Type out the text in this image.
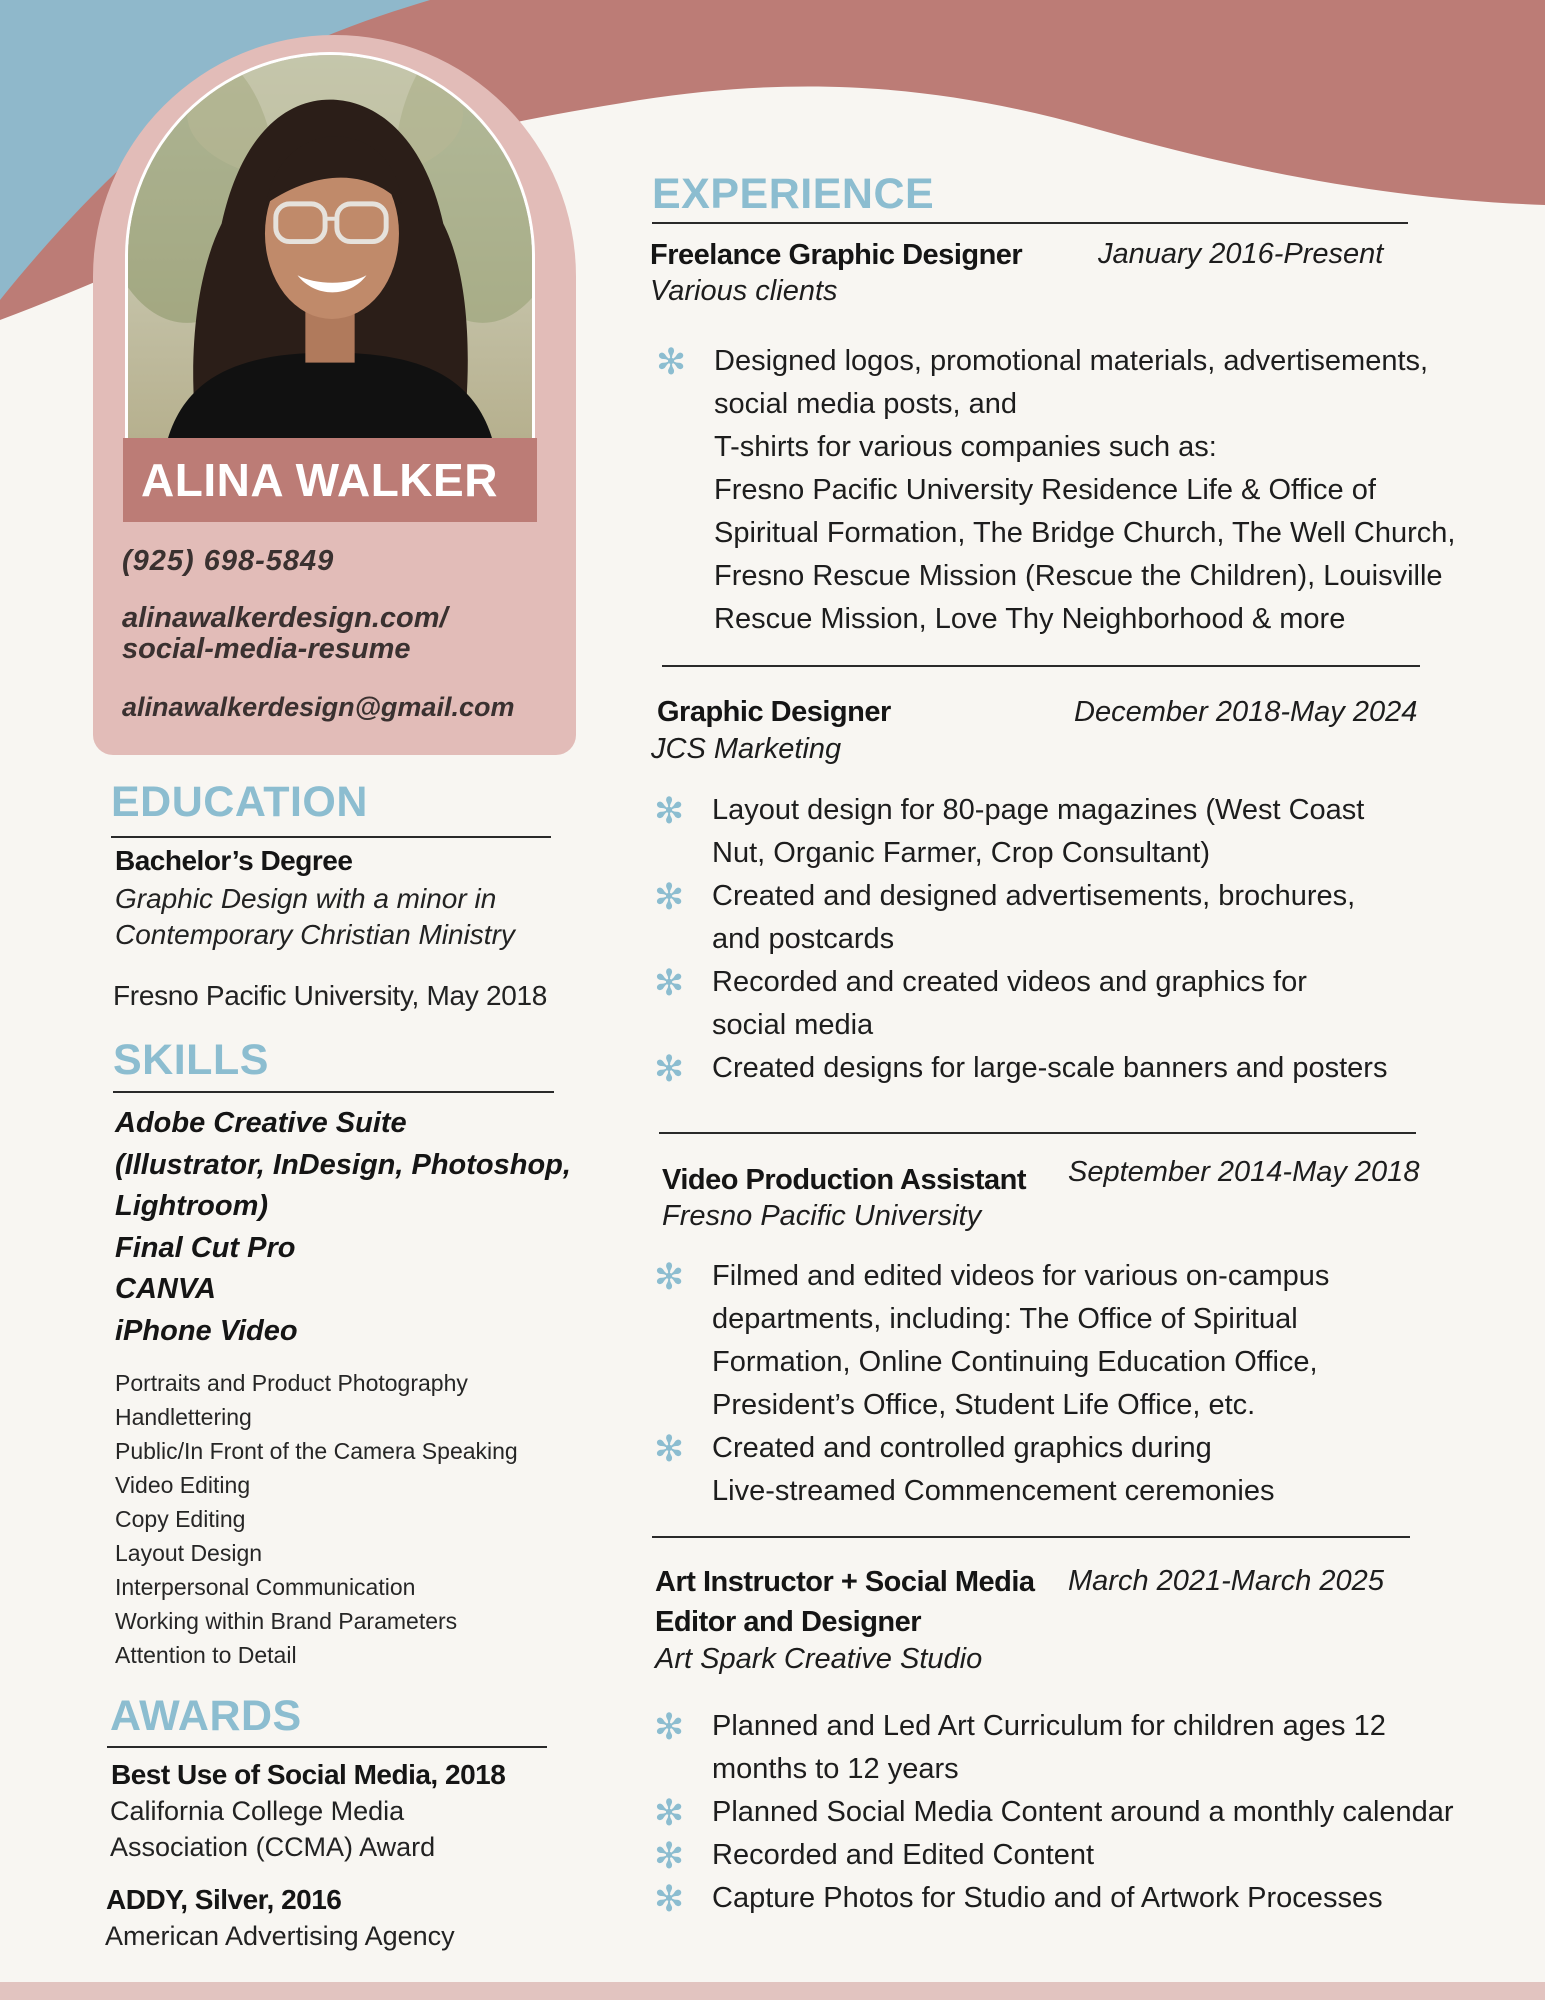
ALINA WALKER
(925) 698-5849
alinawalkerdesign.com/
social-media-resume
alinawalkerdesign@gmail.com
EDUCATION
Bachelor’s Degree
Graphic Design with a minor in
Contemporary Christian Ministry
Fresno Pacific University, May 2018
SKILLS
Adobe Creative Suite
(Illustrator, InDesign, Photoshop,
Lightroom)
Final Cut Pro
CANVA
iPhone Video
Portraits and Product Photography
Handlettering
Public/In Front of the Camera Speaking
Video Editing
Copy Editing
Layout Design
Interpersonal Communication
Working within Brand Parameters
Attention to Detail
AWARDS
Best Use of Social Media, 2018
California College Media
Association (CCMA) Award
ADDY, Silver, 2016
American Advertising Agency
EXPERIENCE
Freelance Graphic Designer	January 2016-Present
Various clients
✻ Designed logos, promotional materials, advertisements,
social media posts, and
T-shirts for various companies such as:
Fresno Pacific University Residence Life & Office of
Spiritual Formation, The Bridge Church, The Well Church,
Fresno Rescue Mission (Rescue the Children), Louisville
Rescue Mission, Love Thy Neighborhood & more
Graphic Designer	December 2018-May 2024
JCS Marketing
✻ Layout design for 80-page magazines (West Coast
Nut, Organic Farmer, Crop Consultant)
✻ Created and designed advertisements, brochures,
and postcards
✻ Recorded and created videos and graphics for
social media
✻ Created designs for large-scale banners and posters
Video Production Assistant September 2014-May 2018
Fresno Pacific University
✻ Filmed and edited videos for various on-campus
departments, including: The Office of Spiritual
Formation, Online Continuing Education Office,
President’s Office, Student Life Office, etc.
✻ Created and controlled graphics during
Live-streamed Commencement ceremonies
Art Instructor + Social Media
Editor and Designer
March 2021-March 2025
Art Spark Creative Studio
✻ Planned and Led Art Curriculum for children ages 12
months to 12 years
✻ Planned Social Media Content around a monthly calendar
✻ Recorded and Edited Content
✻ Capture Photos for Studio and of Artwork Processes
